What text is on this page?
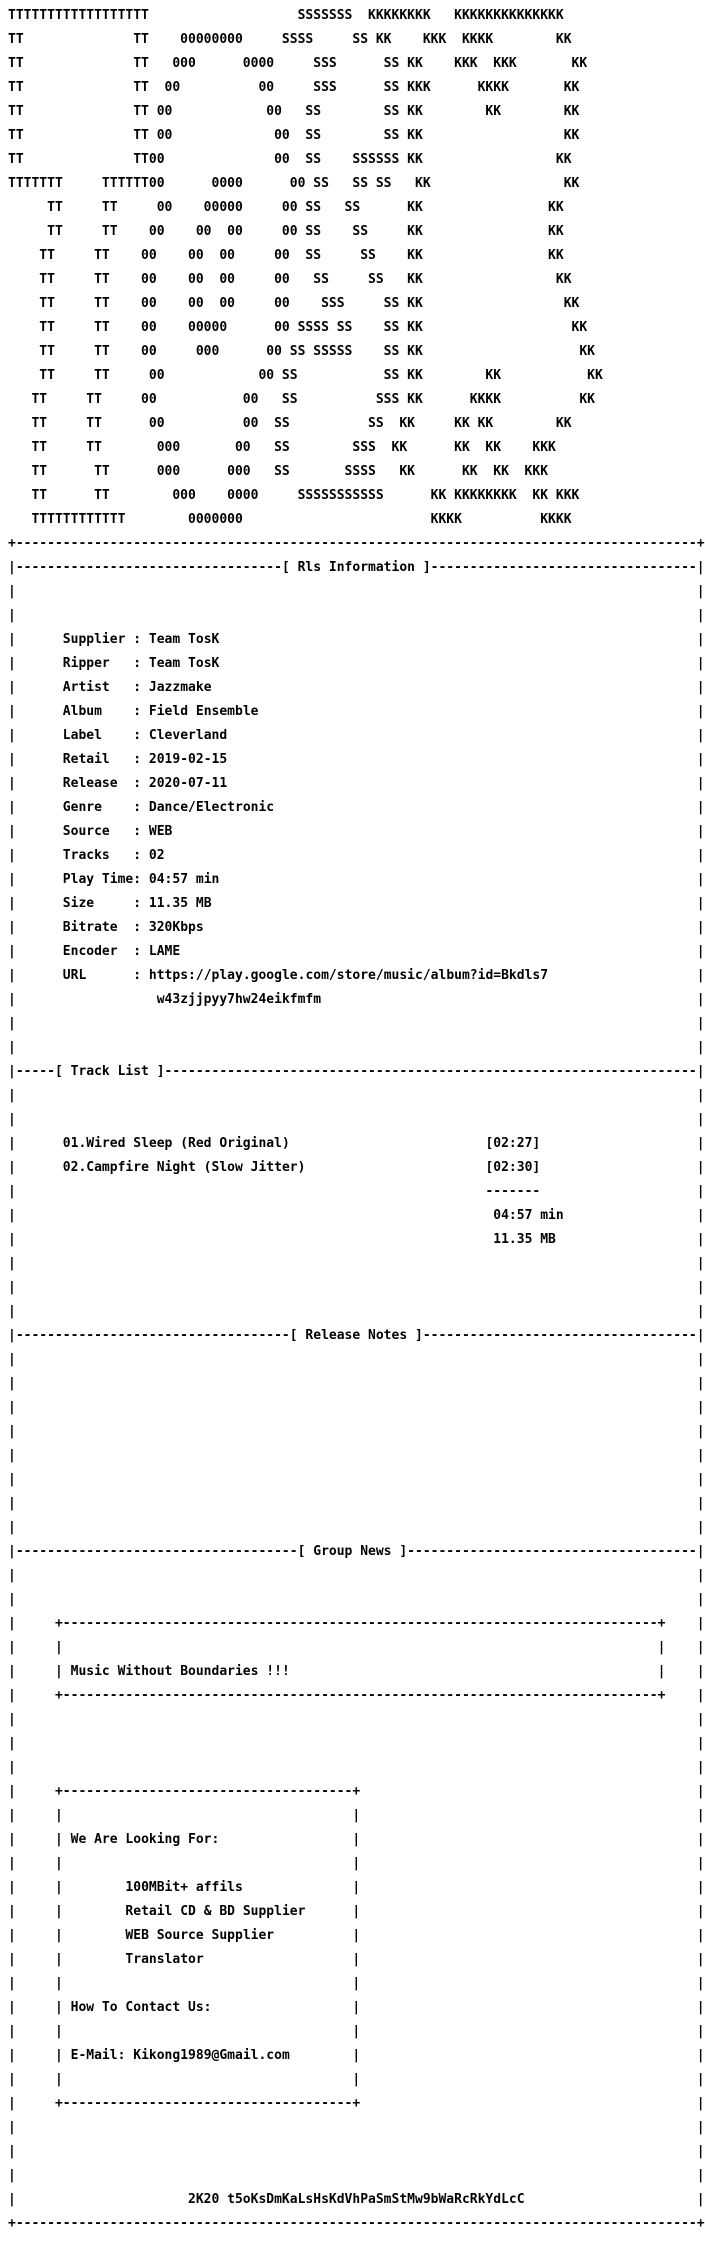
TTTTTTTTTTTTTTTTTT                   SSSSSSS  KKKKKKKK   KKKKKKKKKKKKKK

TT              TT    00000000     SSSS     SS KK    KKK  KKKK        KK

TT              TT   000      0000     SSS      SS KK    KKK  KKK       KK

TT              TT  00          00     SSS      SS KKK      KKKK       KK

TT              TT 00            00   SS        SS KK        KK        KK

TT              TT 00             00  SS        SS KK                  KK

TT              TT00              00  SS    SSSSSS KK                 KK

TTTTTTT     TTTTTT00      0000      00 SS   SS SS   KK                 KK

TT     TT     00    00000     00 SS   SS      KK                KK

TT     TT    00    00  00     00 SS    SS     KK                KK

TT     TT    00    00  00     00  SS     SS    KK                KK

TT     TT    00    00  00     00   SS     SS   KK                 KK

TT     TT    00    00  00     00    SSS     SS KK                  KK

TT     TT    00    00000      00 SSSS SS    SS KK                   KK

TT     TT    00     000      00 SS SSSSS    SS KK                    KK

TT     TT     00            00 SS           SS KK        KK           KK

TT     TT     00           00   SS          SSS KK      KKKK          KK

TT     TT      00          00  SS          SS  KK     KK KK        KK

TT     TT       000       00   SS        SSS  KK      KK  KK    KKK

TT      TT      000      000   SS       SSSS   KK      KK  KK  KKK

TT      TT        000    0000     SSSSSSSSSSS      KK KKKKKKKK  KK KKK

TTTTTTTTTTTT        0000000                        KKKK          KKKK

+---------------------------------------------------------------------------------------+

|----------------------------------[ Rls Information ]----------------------------------|

|                                                                                       |

|                                                                                       |

|	Supplier : Team TosK	|

|	Ripper   : Team TosK	|

|	Artist   : Jazzmake	|

|	Album    : Field Ensemble	|

|	Label    : Cleverland	|

|	Retail   : 2019-02-15	|

|	Release  : 2020-07-11	|

|	Genre    : Dance/Electronic	|

|	Source   : WEB	|

|	Tracks   : 02	|

|	Play Time: 04:57 min	|

|	Size     : 11.35 MB	|

|	Bitrate  : 320Kbps	|

|	Encoder  : LAME	|

|	URL      : https://play.google.com/store/music/album?id=Bkdls7	|

|	w43zjjpyy7hw24eikfmfm	|

|                                                                                       |

|                                                                                       |

|-----[ Track List ]--------------------------------------------------------------------|

|                                                                                       |

|                                                                                       |

|	01.Wired Sleep (Red Original)	[02:27]	|

|	02.Campfire Night (Slow Jitter)	[02:30]	|

|	-------	|

|	04:57 min	|

|	11.35 MB	|

|                                                                                       |

|                                                                                       |

|                                                                                       |

|-----------------------------------[ Release Notes ]-----------------------------------|

|                                                                                       |

|                                                                                       |

|                                                                                       |

|                                                                                       |

|                                                                                       |

|                                                                                       |

|                                                                                       |

|                                                                                       |

|------------------------------------[ Group News ]-------------------------------------|

|                                                                                       |

|                                                                                       |

|     +----------------------------------------------------------------------------+ |

|     |                                                                            | |

|     | Music Without Boundaries !!!                                               | |

|     +----------------------------------------------------------------------------+ |

|                                                                                       |

|                                                                                       |

|                                                                                       |

|     +-------------------------------------+	|

|     |                                     |	|

|     | We Are Looking For:                 |	|

|     |                                     |	|

|     |	100MBit+ affils              |	|

|     |	Retail CD & BD Supplier      |	|

|     |	WEB Source Supplier          |	|

|     |	Translator                   |	|

|     |                                     |	|

|     | How To Contact Us:                  |	|

|     |                                     |	|

|     | E-Mail: Kikong1989@Gmail.com        |	|

|     |                                     |	|

|     +-------------------------------------+	|

|                                                                                       |

|                                                                                       |

|                                                                                       |

|	2K20 t5oKsDmKaLsHsKdVhPaSmStMw9bWaRcRkYdLcC	|

+---------------------------------------------------------------------------------------+
